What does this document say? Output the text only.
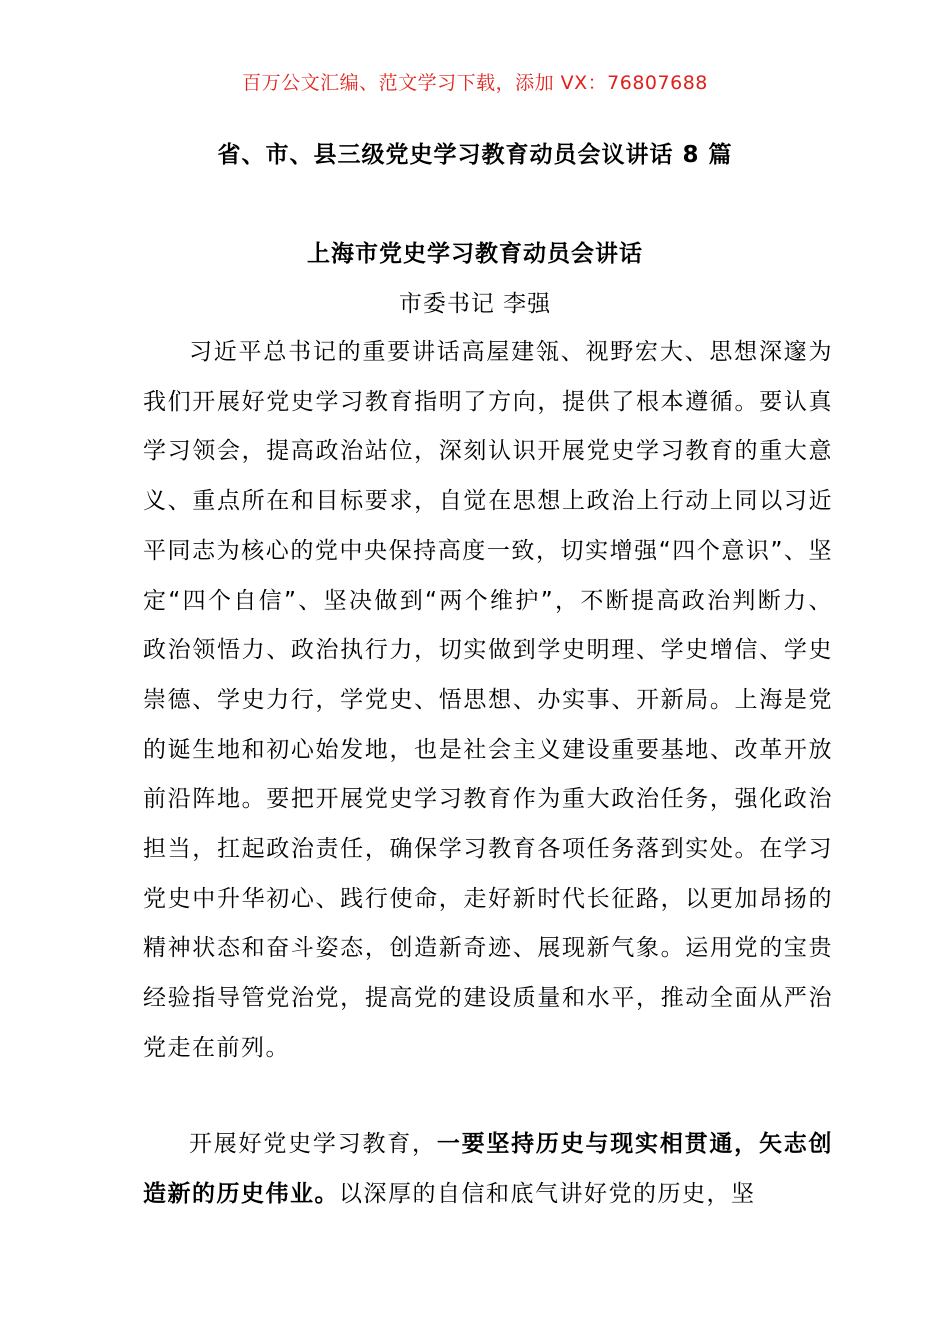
百万公文汇编、范文学习下载，添加 VX：76807688
省、市、县三级党史学习教育动员会议讲话 8 篇
上海市党史学习教育动员会讲话
市委书记 李强

习近平总书记的重要讲话高屋建瓴、视野宏大、思想深邃为我们开展好党史学习教育指明了方向，提供了根本遵循。要认真学习领会，提高政治站位，深刻认识开展党史学习教育的重大意义、重点所在和目标要求，自觉在思想上政治上行动上同以习近平同志为核心的党中央保持高度一致，切实增强“四个意识”、坚定“四个自信”、坚决做到“两个维护”，不断提高政治判断力、政治领悟力、政治执行力，切实做到学史明理、学史增信、学史崇德、学史力行，学党史、悟思想、办实事、开新局。上海是党的诞生地和初心始发地，也是社会主义建设重要基地、改革开放前沿阵地。要把开展党史学习教育作为重大政治任务，强化政治担当，扛起政治责任，确保学习教育各项任务落到实处。在学习党史中升华初心、践行使命，走好新时代长征路，以更加昂扬的精神状态和奋斗姿态，创造新奇迹、展现新气象。运用党的宝贵经验指导管党治党，提高党的建设质量和水平，推动全面从严治党走在前列。

开展好党史学习教育，一要坚持历史与现实相贯通，矢志创造新的历史伟业。以深厚的自信和底气讲好党的历史，坚
